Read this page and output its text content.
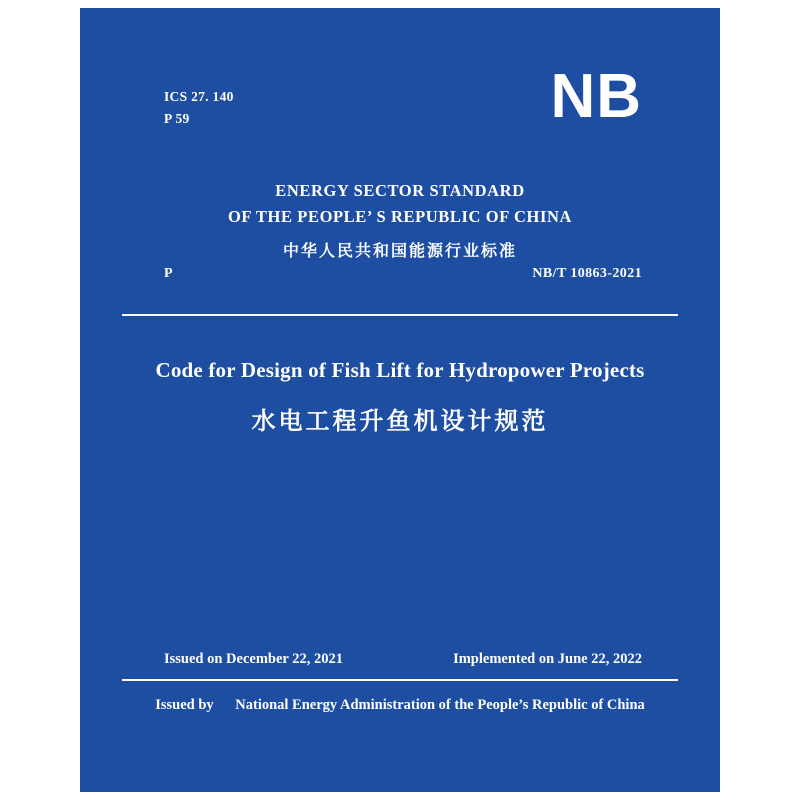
ICS 27. 140
P 59	NB
ENERGY SECTOR STANDARD
OF THE PEOPLE’ S REPUBLIC OF CHINA
中华人民共和国能源行业标准
P	NB/T 10863-2021
Code for Design of Fish Lift for Hydropower Projects
水电工程升鱼机设计规范
Issued on December 22, 2021	Implemented on June 22, 2022
Issued by National Energy Administration of the People’s Republic of China
